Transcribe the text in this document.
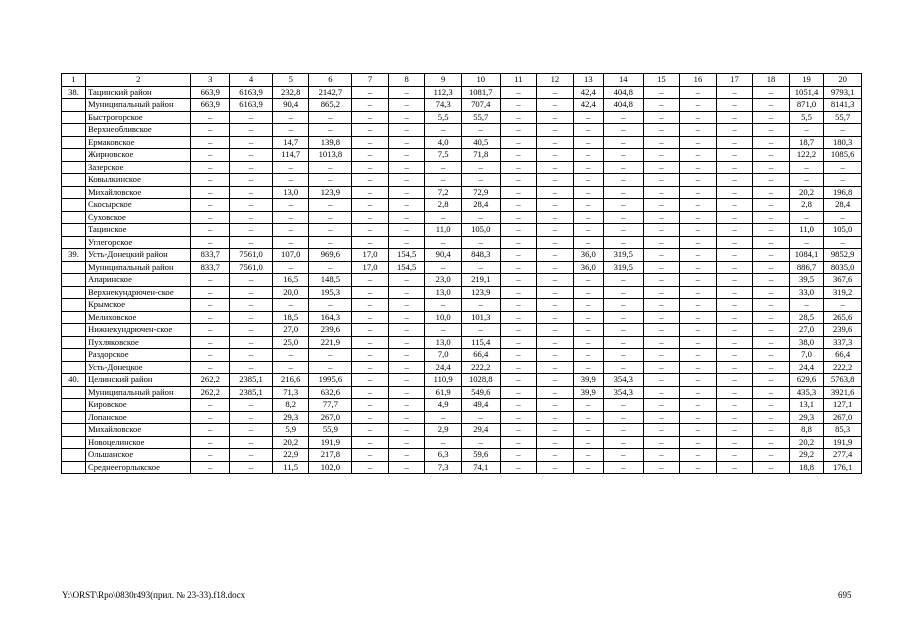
1	2	3	4	5	6	7	8	9	10	11	12	13	14	15	16	17	18	19	20
38.	Тацинский район	663,9	6163,9	232,8	2142,7	–	–	112,3	1081,7	–	–	42,4	404,8	–	–	–	–	1051,4	9793,1
	Муниципальный район	663,9	6163,9	90,4	865,2	–	–	74,3	707,4	–	–	42,4	404,8	–	–	–	–	871,0	8141,3
	Быстрогорское	–	–	–	–	–	–	5,5	55,7	–	–	–	–	–	–	–	–	5,5	55,7
	Верхнеобливское	–	–	–	–	–	–	–	–	–	–	–	–	–	–	–	–	–	–
	Ермаковское	–	–	14,7	139,8	–	–	4,0	40,5	–	–	–	–	–	–	–	–	18,7	180,3
	Жирновское	–	–	114,7	1013,8	–	–	7,5	71,8	–	–	–	–	–	–	–	–	122,2	1085,6
	Зазерское	–	–	–	–	–	–	–	–	–	–	–	–	–	–	–	–	–	–
	Ковылкинское	–	–	–	–	–	–	–	–	–	–	–	–	–	–	–	–	–	–
	Михайловское	–	–	13,0	123,9	–	–	7,2	72,9	–	–	–	–	–	–	–	–	20,2	196,8
	Скосырское	–	–	–	–	–	–	2,8	28,4	–	–	–	–	–	–	–	–	2,8	28,4
	Суховское	–	–	–	–	–	–	–	–	–	–	–	–	–	–	–	–	–	–
	Тацинское	–	–	–	–	–	–	11,0	105,0	–	–	–	–	–	–	–	–	11,0	105,0
	Углегорское	–	–	–	–	–	–	–	–	–	–	–	–	–	–	–	–	–	–
39.	Усть-Донецкий район	833,7	7561,0	107,0	969,6	17,0	154,5	90,4	848,3	–	–	36,0	319,5	–	–	–	–	1084,1	9852,9
	Муниципальный район	833,7	7561,0	–	–	17,0	154,5	–	–	–	–	36,0	319,5	–	–	–	–	886,7	8035,0
	Апаринское	–	–	16,5	148,5	–	–	23,0	219,1	–	–	–	–	–	–	–	–	39,5	367,6
	Верхнекундрючен-ское	–	–	20,0	195,3	–	–	13,0	123,9	–	–	–	–	–	–	–	–	33,0	319,2
	Крымское	–	–	–	–	–	–	–	–	–	–	–	–	–	–	–	–	–	–
	Мелиховское	–	–	18,5	164,3	–	–	10,0	101,3	–	–	–	–	–	–	–	–	28,5	265,6
	Нижнекундрючен-ское	–	–	27,0	239,6	–	–	–	–	–	–	–	–	–	–	–	–	27,0	239,6
	Пухляковское	–	–	25,0	221,9	–	–	13,0	115,4	–	–	–	–	–	–	–	–	38,0	337,3
	Раздорское	–	–	–	–	–	–	7,0	66,4	–	–	–	–	–	–	–	–	7,0	66,4
	Усть-Донецкое	–	–	–	–	–	–	24,4	222,2	–	–	–	–	–	–	–	–	24,4	222,2
40.	Целинский район	262,2	2385,1	216,6	1995,6	–	–	110,9	1028,8	–	–	39,9	354,3	–	–	–	–	629,6	5763,8
	Муниципальный район	262,2	2385,1	71,3	632,6	–	–	61,9	549,6	–	–	39,9	354,3	–	–	–	–	435,3	3921,6
	Кировское	–	–	8,2	77,7	–	–	4,9	49,4	–	–	–	–	–	–	–	–	13,1	127,1
	Лопанское	–	–	29,3	267,0	–	–	–	–	–	–	–	–	–	–	–	–	29,3	267,0
	Михайловское	–	–	5,9	55,9	–	–	2,9	29,4	–	–	–	–	–	–	–	–	8,8	85,3
	Новоцелинское	–	–	20,2	191,9	–	–	–	–	–	–	–	–	–	–	–	–	20,2	191,9
	Ольшанское	–	–	22,9	217,8	–	–	6,3	59,6	–	–	–	–	–	–	–	–	29,2	277,4
	Среднеегорлыкское	–	–	11,5	102,0	–	–	7,3	74,1	–	–	–	–	–	–	–	–	18,8	176,1
Y:\ORST\Rpo\0830r493(прил. № 23-33).f18.docx	695
